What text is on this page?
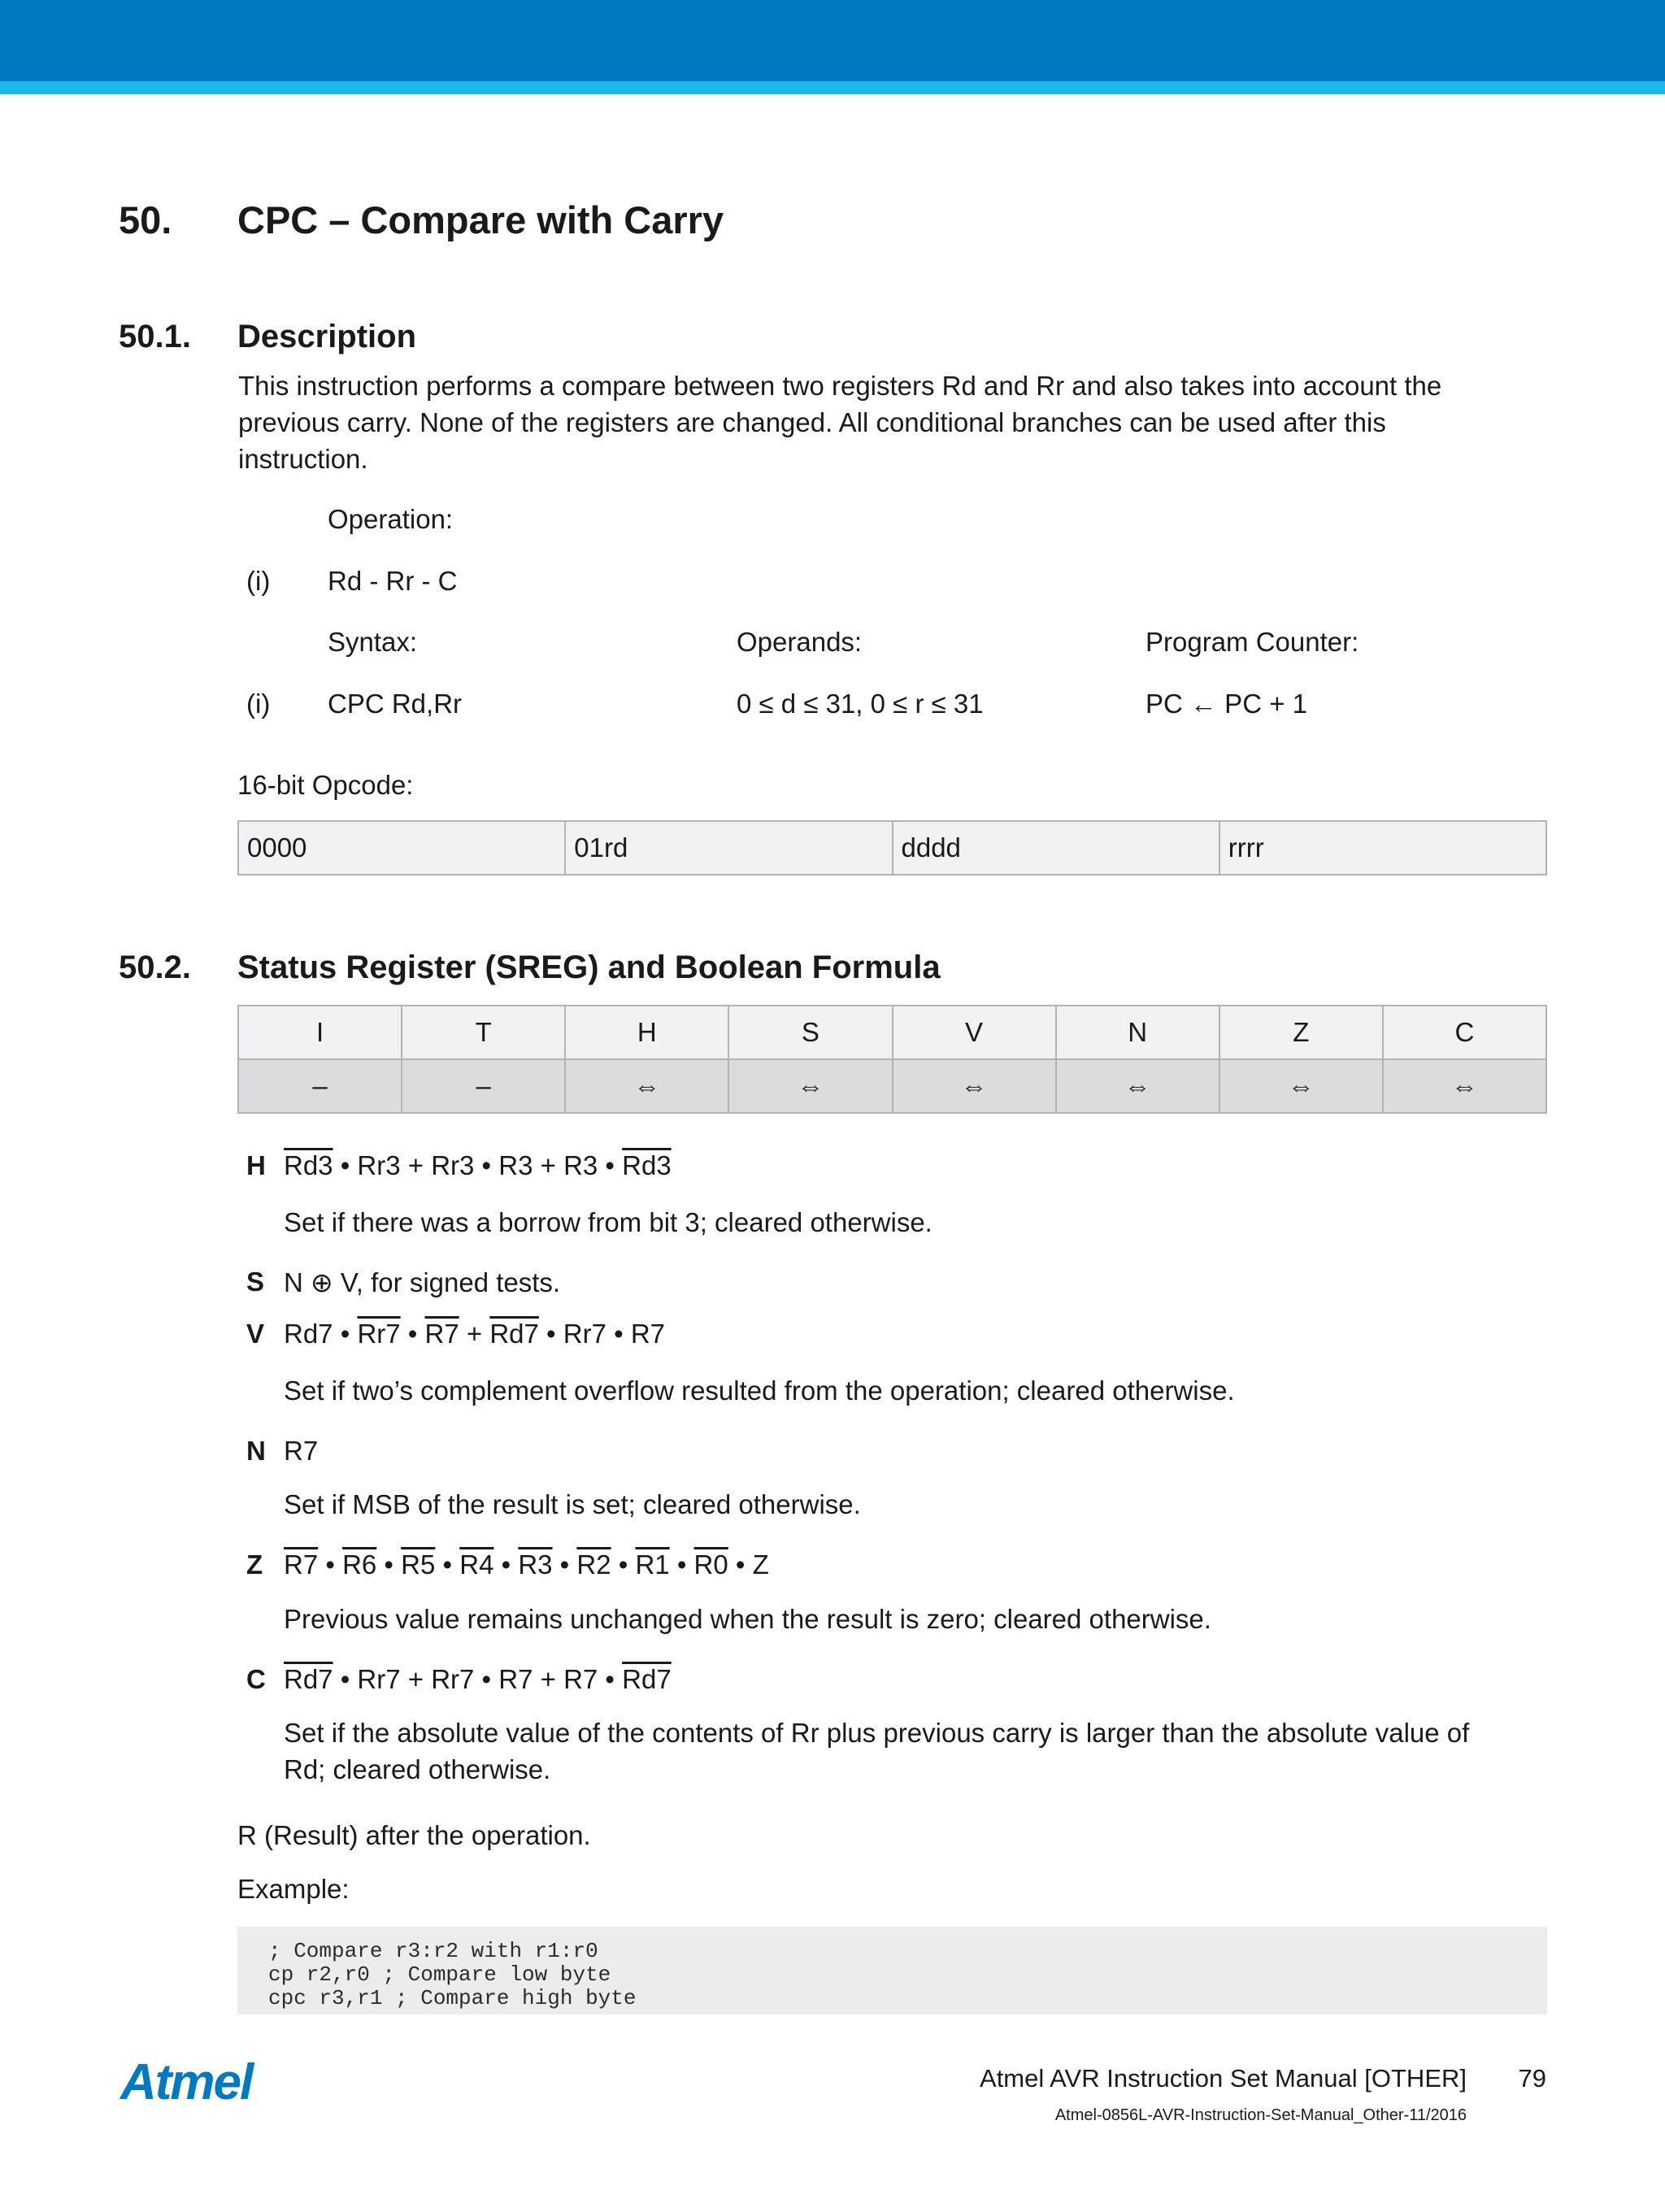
50. CPC – Compare with Carry
50.1. Description
This instruction performs a compare between two registers Rd and Rr and also takes into account the
previous carry. None of the registers are changed. All conditional branches can be used after this
instruction.
Operation:
(i) Rd - Rr - C
Syntax:	Operands:	Program Counter:
(i) CPC Rd,Rr	0 ≤ d ≤ 31, 0 ≤ r ≤ 31	PC ← PC + 1
16-bit Opcode:
0000	01rd	dddd	rrrr
50.2. Status Register (SREG) and Boolean Formula
I	T	H	S	V	N	Z	C
–	–	⇔	⇔	⇔	⇔	⇔	⇔
H Rd3 • Rr3 + Rr3 • R3 + R3 • Rd3
Set if there was a borrow from bit 3; cleared otherwise.
S N ⊕ V, for signed tests.
V Rd7 • Rr7 • R7 + Rd7 • Rr7 • R7
Set if two’s complement overflow resulted from the operation; cleared otherwise.
N R7
Set if MSB of the result is set; cleared otherwise.
Z R7 • R6 • R5 • R4 • R3 • R2 • R1 • R0 • Z
Previous value remains unchanged when the result is zero; cleared otherwise.
C Rd7 • Rr7 + Rr7 • R7 + R7 • Rd7
Set if the absolute value of the contents of Rr plus previous carry is larger than the absolute value of
Rd; cleared otherwise.
R (Result) after the operation.
Example:
; Compare r3:r2 with r1:r0
cp r2,r0 ; Compare low byte
cpc r3,r1 ; Compare high byte
Atmel	Atmel AVR Instruction Set Manual [OTHER] 79
Atmel-0856L-AVR-Instruction-Set-Manual_Other-11/2016
